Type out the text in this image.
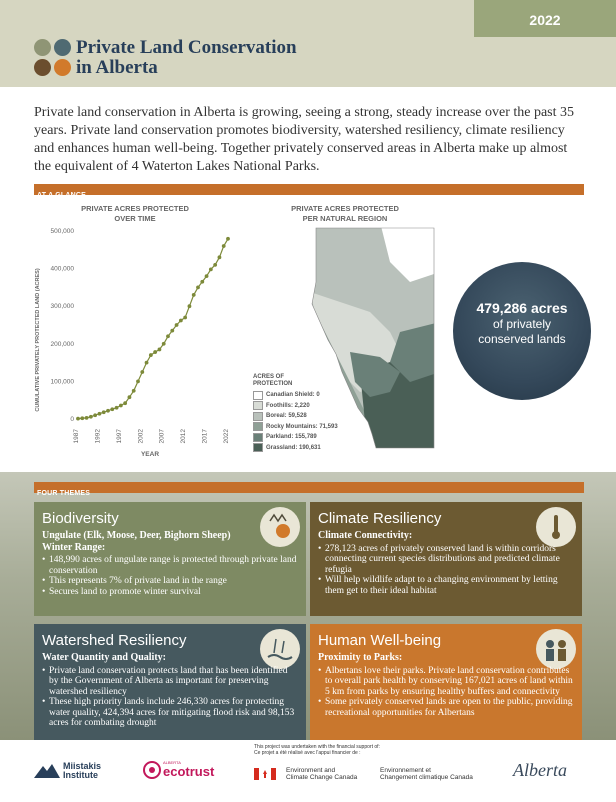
2022
Private Land Conservation
in Alberta

Private land conservation in Alberta is growing, seeing a strong, steady increase over the past 35 years. Private land conservation promotes biodiversity, watershed resiliency, climate resiliency and enhances human well-being. Together privately conserved areas in Alberta make up almost the equivalent of 4 Waterton Lakes National Parks.

AT A GLANCE
PRIVATE ACRES PROTECTED
OVER TIME
PRIVATE ACRES PROTECTED
PER NATURAL REGION
0
100,000
200,000
300,000
400,000
500,000
1987 1992 1997 2002 2007 2012 2017 2022
CUMULATIVE PRIVATELY PROTECTED LAND (ACRES)
YEAR
ACRES OF
PROTECTION
Canadian Shield: 0
Foothills: 2,220
Boreal: 59,528
Rocky Mountains: 71,593
Parkland: 155,789
Grassland: 190,631
479,286 acres
of privately
conserved lands
FOUR THEMES
Biodiversity
Ungulate (Elk, Moose, Deer, Bighorn Sheep) Winter Range:
• 148,990 acres of ungulate range is protected through private land conservation
• This represents 7% of private land in the range
• Secures land to promote winter survival
Climate Resiliency
Climate Connectivity:
• 278,123 acres of privately conserved land is within corridors connecting current species distributions and predicted climate refugia
• Will help wildlife adapt to a changing environment by letting them get to their ideal habitat
Watershed Resiliency
Water Quantity and Quality:
• Private land conservation protects land that has been identified by the Government of Alberta as important for preserving watershed resiliency
• These high priority lands include 246,330 acres for protecting water quality, 424,394 acres for mitigating flood risk and 98,153 acres for combating drought
Human Well-being
Proximity to Parks:
• Albertans love their parks. Private land conservation contributes to overall park health by conserving 167,021 acres of land within 5 km from parks by ensuring healthy buffers and connectivity
• Some privately conserved lands are open to the public, providing recreational opportunities for Albertans
This project was undertaken with the financial support of:
Ce projet a été réalisé avec l'appui financier de :
Miistakis
Institute
ALBERTA
ecotrust	Environment and
Climate Change Canada
Environnement et
Changement climatique Canada Alberta
